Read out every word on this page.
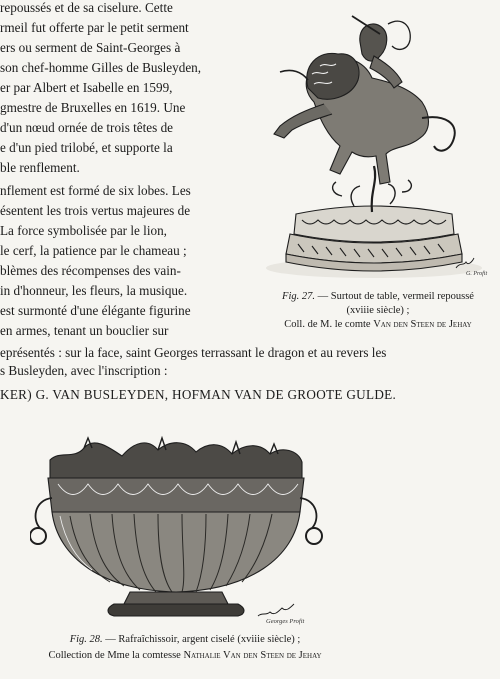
repoussés et de sa ciselure. Cette
rmeil fut offerte par le petit serment
ers ou serment de Saint-Georges à
son chef-homme Gilles de Busleyden,
er par Albert et Isabelle en 1599,
gmestre de Bruxelles en 1619. Une
d'un nœud ornée de trois têtes de
e d'un pied trilobé, et supporte la
ble renflement.
nflement est formé de six lobes. Les
ésentent les trois vertus majeures de
La force symbolisée par le lion,
le cerf, la patience par le chameau ;
blèmes des récompenses des vain-
in d'honneur, les fleurs, la musique.
est surmonté d'une élégante figurine
en armes, tenant un bouclier sur
eprésentés : sur la face, saint Georges terrassant le dragon et au revers les
s Busleyden, avec l'inscription :
KER) G. VAN BUSLEYDEN, HOFMAN VAN DE GROOTE GULDE.
G. Profit
Fig. 27. — Surtout de table, vermeil repoussé
(xviiie siècle) ;
Coll. de M. le comte Van den Steen de Jehay
Georges Profit
Fig. 28. — Rafraîchissoir, argent ciselé (xviiie siècle) ;
Collection de Mme la comtesse Nathalie Van den Steen de Jehay
